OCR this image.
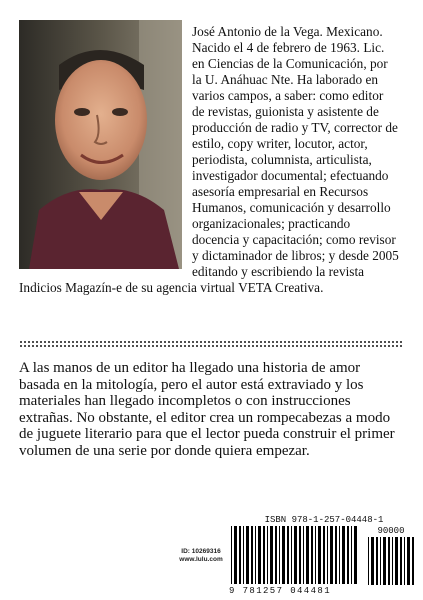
José Antonio de la Vega. Mexicano. Nacido el 4 de febrero de 1963. Lic. en Ciencias de la Comunicación, por la U. Anáhuac Nte. Ha laborado en varios campos, a saber: como editor de revistas, guionista y asistente de producción de radio y TV, corrector de estilo, copy writer, locutor, actor, periodista, columnista, articulista, investigador documental; efectuando asesoría empresarial en Recursos Humanos, comunicación y desarrollo organizacionales; practicando docencia y capacitación; como revisor y dictaminador de libros; y desde 2005 editando y escribiendo la revista Indicios Magazín-e de su agencia virtual VETA Creativa.

A las manos de un editor ha llegado una historia de amor basada en la mitología, pero el autor está extraviado y los materiales han llegado incompletos o con instrucciones extrañas. No obstante, el editor crea un rompecabezas a modo de juguete literario para que el lector pueda construir el primer volumen de una serie por donde quiera empezar.

ID: 10269316
www.lulu.com
ISBN 978-1-257-04448-1
90000
9 781257 044481
